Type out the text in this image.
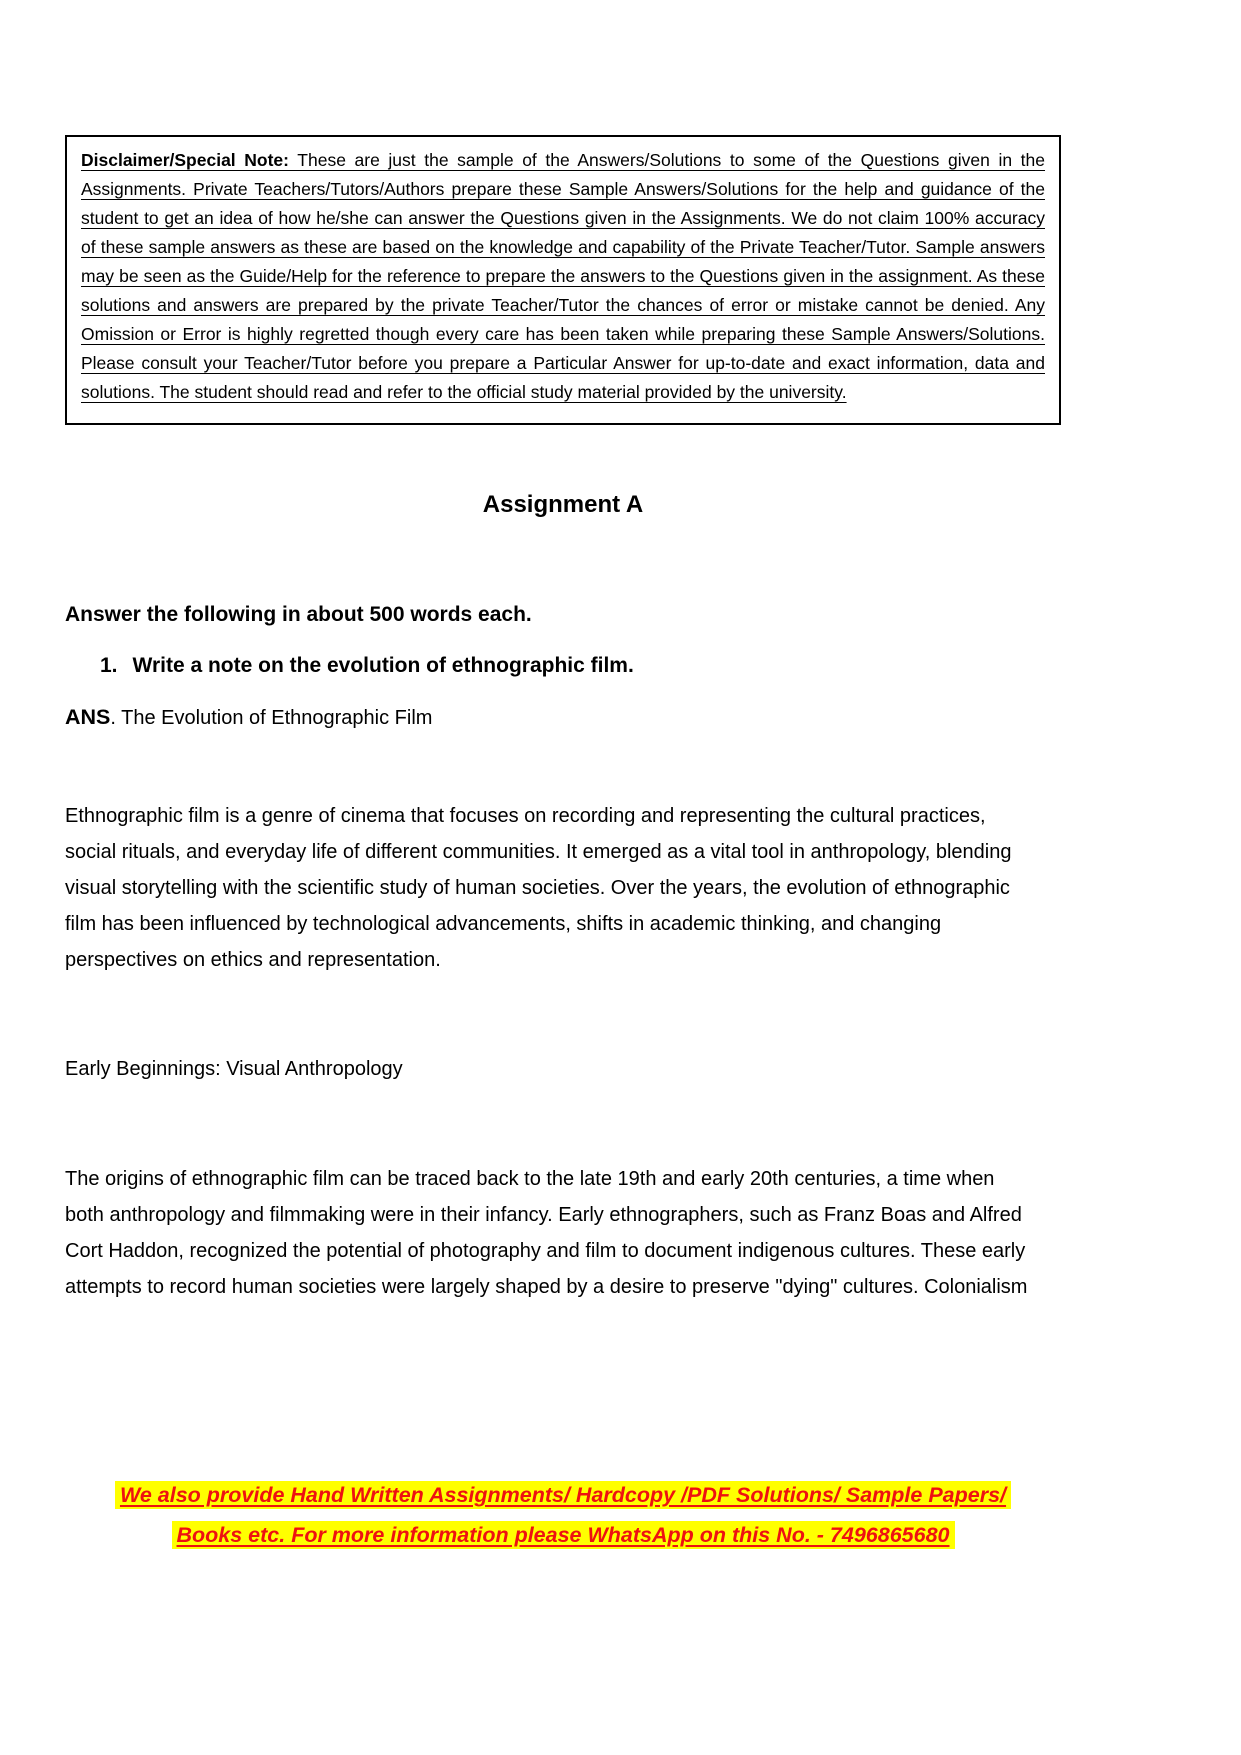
Disclaimer/Special Note: These are just the sample of the Answers/Solutions to some of the Questions given in the Assignments. Private Teachers/Tutors/Authors prepare these Sample Answers/Solutions for the help and guidance of the student to get an idea of how he/she can answer the Questions given in the Assignments. We do not claim 100% accuracy of these sample answers as these are based on the knowledge and capability of the Private Teacher/Tutor. Sample answers may be seen as the Guide/Help for the reference to prepare the answers to the Questions given in the assignment. As these solutions and answers are prepared by the private Teacher/Tutor the chances of error or mistake cannot be denied. Any Omission or Error is highly regretted though every care has been taken while preparing these Sample Answers/Solutions. Please consult your Teacher/Tutor before you prepare a Particular Answer for up-to-date and exact information, data and solutions. The student should read and refer to the official study material provided by the university.

Assignment A
Answer the following in about 500 words each.
1. Write a note on the evolution of ethnographic film.
ANS. The Evolution of Ethnographic Film
Ethnographic film is a genre of cinema that focuses on recording and representing the cultural practices, social rituals, and everyday life of different communities. It emerged as a vital tool in anthropology, blending visual storytelling with the scientific study of human societies. Over the years, the evolution of ethnographic film has been influenced by technological advancements, shifts in academic thinking, and changing perspectives on ethics and representation.
Early Beginnings: Visual Anthropology
The origins of ethnographic film can be traced back to the late 19th and early 20th centuries, a time when both anthropology and filmmaking were in their infancy. Early ethnographers, such as Franz Boas and Alfred Cort Haddon, recognized the potential of photography and film to document indigenous cultures. These early attempts to record human societies were largely shaped by a desire to preserve "dying" cultures. Colonialism
We also provide Hand Written Assignments/ Hardcopy /PDF Solutions/ Sample Papers/
Books etc. For more information please WhatsApp on this No. - 7496865680
